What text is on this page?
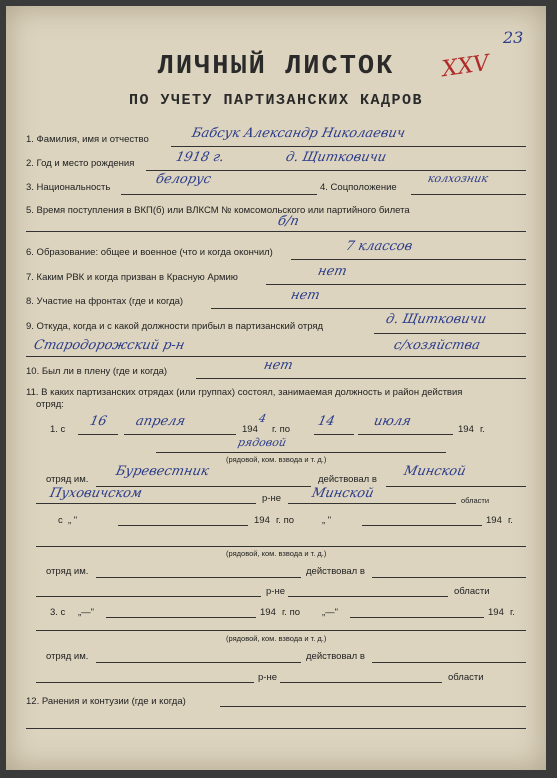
23
ХХV
ЛИЧНЫЙ ЛИСТОК
ПО УЧЕТУ ПАРТИЗАНСКИХ КАДРОВ
1. Фамилия, имя и отчество	Бабсук Александр Николаевич
2. Год и место рождения	1918 г.	д. Щитковичи
3. Национальность
белорус
4. Соцположение
колхозник
5. Время поступления в ВКП(б) или ВЛКСМ № комсомольского или партийного билета
б/п
6. Образование: общее и военное (что и когда окончил)	7 классов
7. Каким РВК и когда призван в Красную Армию	нет
8. Участие на фронтах (где и когда)	нет
9. Откуда, когда и с какой должности прибыл в партизанский отряд	д. Щитковичи
Стародорожский р-н	с/хозяйства
10. Был ли в плену (где и когда)	нет
11. В каких партизанских отрядах (или группах) состоял, занимаемая должность и район действия
отряд:
1. с
16 апреля
194
4
г. по
14	июля
194 г.
рядовой
(рядовой, ком. взвода и т. д.)
отряд им.
Буревестник
действовал в
Минской
Пуховичском	р-не Минской	области
с „ "	194 г. по	„ "	194 г.
(рядовой, ком. взвода и т. д.)
отряд им.	действовал в
р-не	области
3. с „—"	194 г. по „—"	194 г.
(рядовой, ком. взвода и т. д.)
отряд им.	действовал в
р-не	области
12. Ранения и контузии (где и когда)
